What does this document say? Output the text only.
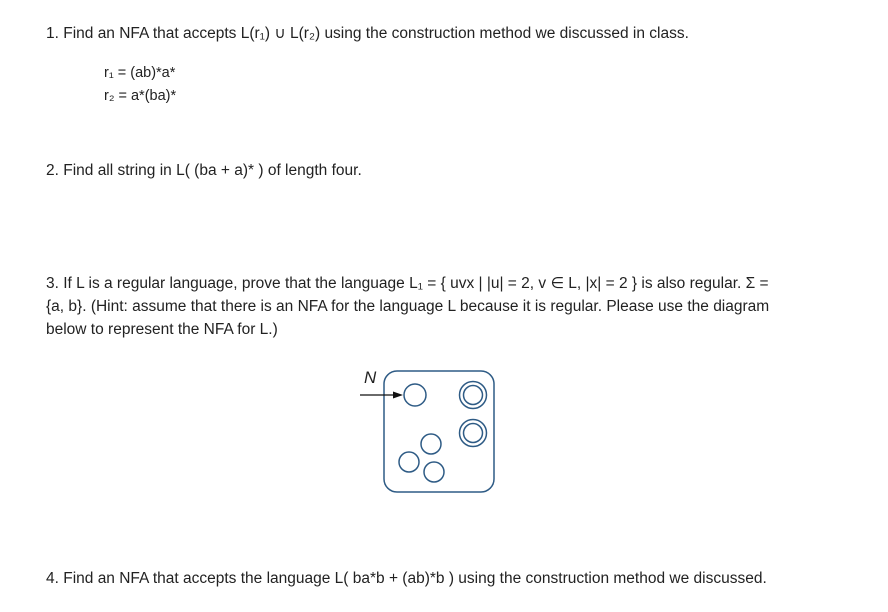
1. Find an NFA that accepts L(r₁) ∪ L(r₂) using the construction method we discussed in class.

r₁ = (ab)*a*

r₂ = a*(ba)*

2. Find all string in L( (ba + a)* ) of length four.

3. If L is a regular language, prove that the language L₁ = { uvx | |u| = 2, v ∈ L, |x| = 2 } is also regular. Σ =
{a, b}. (Hint: assume that there is an NFA for the language L because it is regular. Please use the diagram
below to represent the NFA for L.)

N

4. Find an NFA that accepts the language L( ba*b + (ab)*b ) using the construction method we discussed.
